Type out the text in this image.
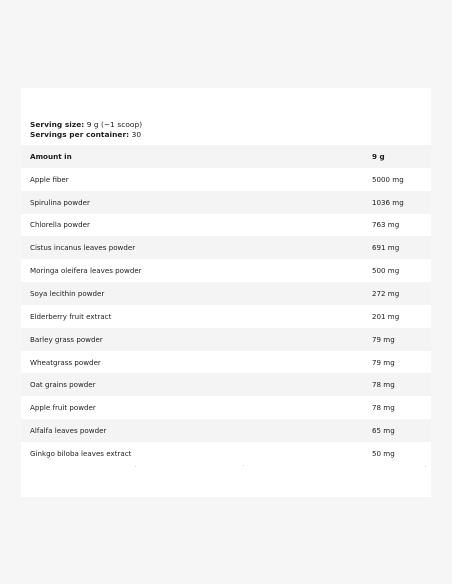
Serving size: 9 g (~1 scoop)
Servings per container: 30
Amount in	9 g
Apple fiber	5000 mg
Spirulina powder	1036 mg
Chlorella powder	763 mg
Cistus incanus leaves powder	691 mg
Moringa oleifera leaves powder	500 mg
Soya lecithin powder	272 mg
Elderberry fruit extract	201 mg
Barley grass powder	79 mg
Wheatgrass powder	79 mg
Oat grains powder	78 mg
Apple fruit powder	78 mg
Alfalfa leaves powder	65 mg
Ginkgo biloba leaves extract	50 mg
